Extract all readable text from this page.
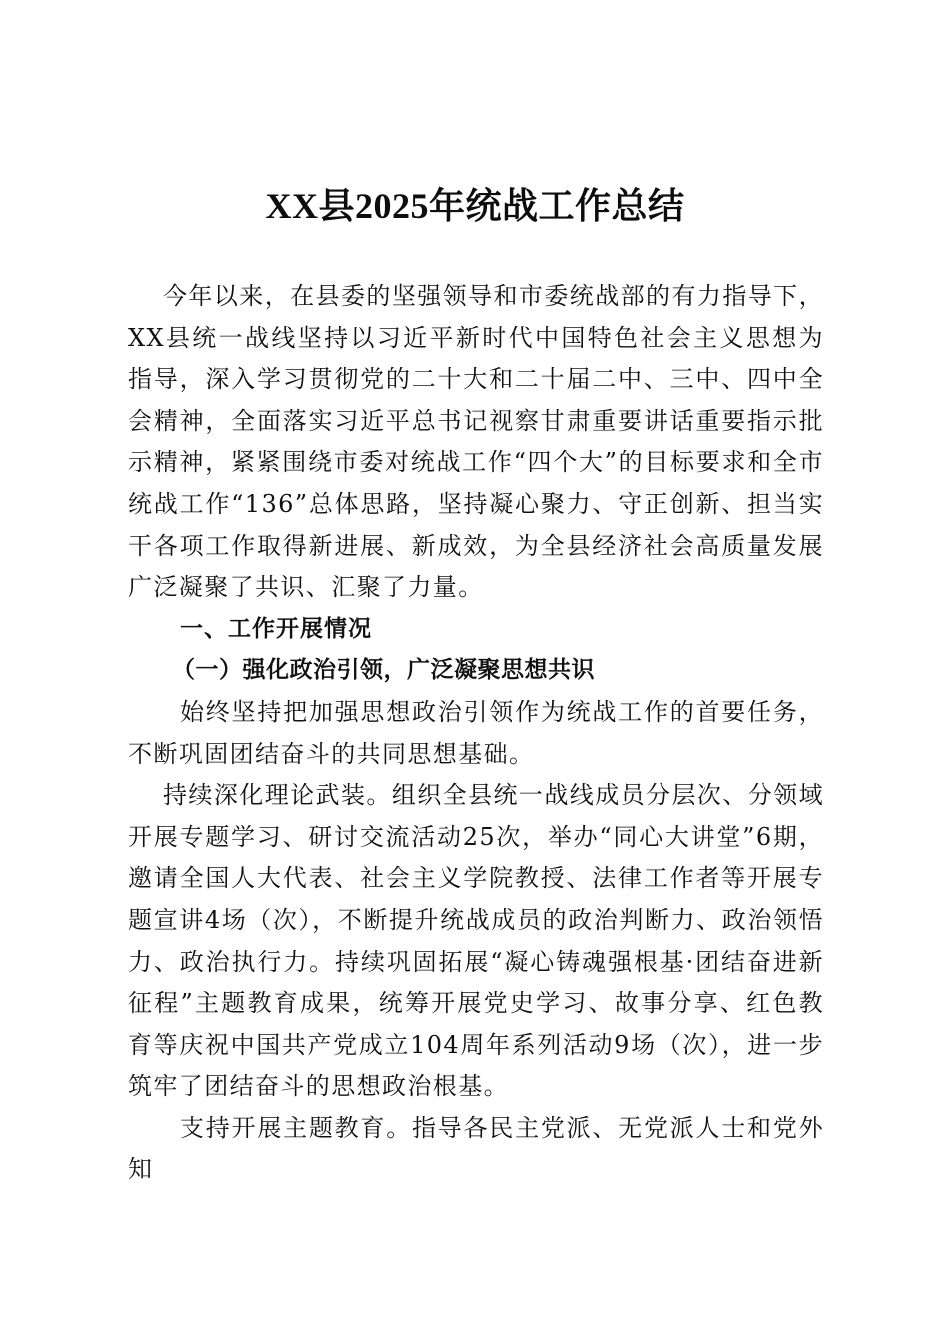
XX县2025年统战工作总结

今年以来，在县委的坚强领导和市委统战部的有力指导下，XX县统一战线坚持以习近平新时代中国特色社会主义思想为指导，深入学习贯彻党的二十大和二十届二中、三中、四中全会精神，全面落实习近平总书记视察甘肃重要讲话重要指示批示精神，紧紧围绕市委对统战工作“四个大”的目标要求和全市统战工作“136”总体思路，坚持凝心聚力、守正创新、担当实干各项工作取得新进展、新成效，为全县经济社会高质量发展广泛凝聚了共识、汇聚了力量。

一、工作开展情况

（一）强化政治引领，广泛凝聚思想共识

始终坚持把加强思想政治引领作为统战工作的首要任务，不断巩固团结奋斗的共同思想基础。

持续深化理论武装。组织全县统一战线成员分层次、分领域开展专题学习、研讨交流活动25次，举办“同心大讲堂”6期，邀请全国人大代表、社会主义学院教授、法律工作者等开展专题宣讲4场（次），不断提升统战成员的政治判断力、政治领悟力、政治执行力。持续巩固拓展“凝心铸魂强根基·团结奋进新征程”主题教育成果，统筹开展党史学习、故事分享、红色教育等庆祝中国共产党成立104周年系列活动9场（次），进一步筑牢了团结奋斗的思想政治根基。

支持开展主题教育。指导各民主党派、无党派人士和党外知
